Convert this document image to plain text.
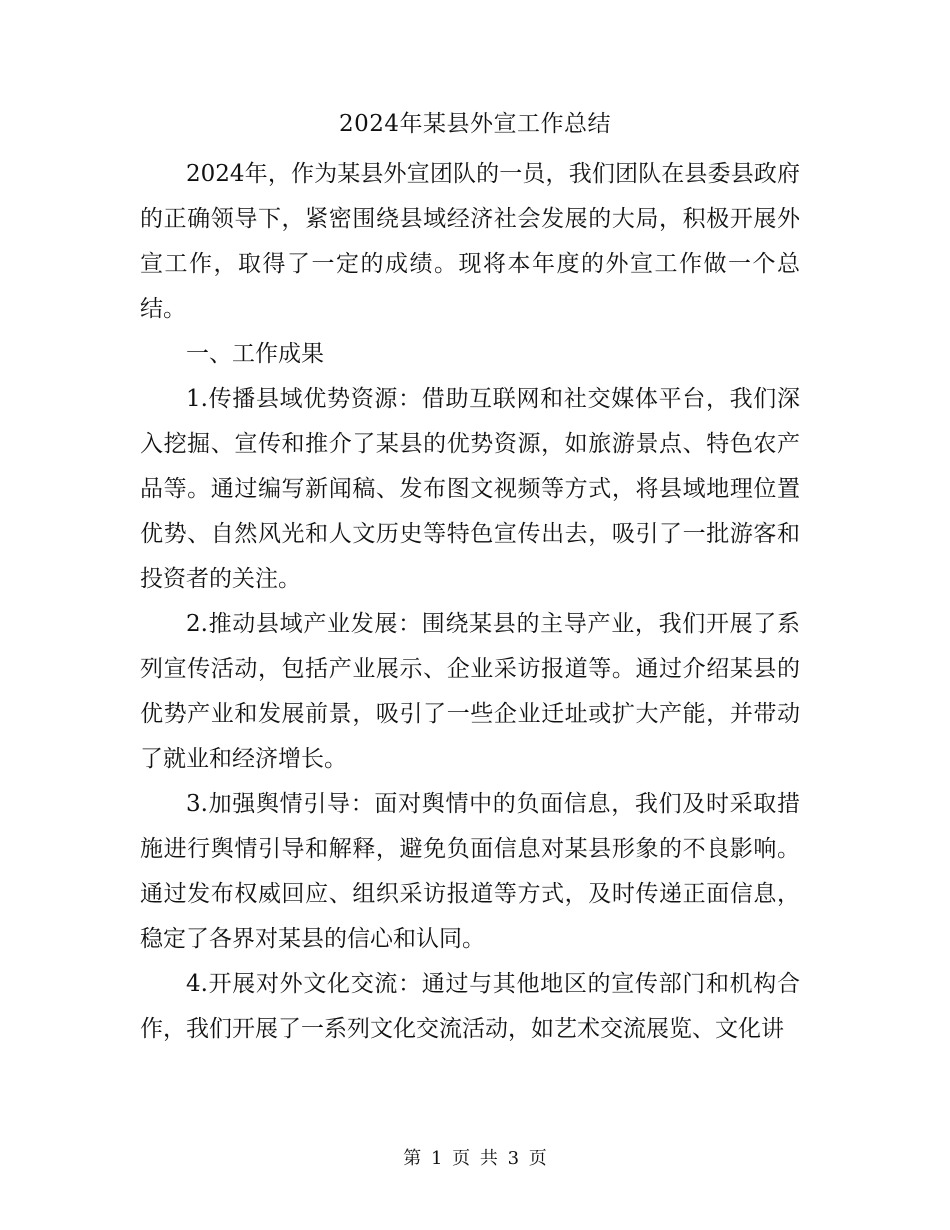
2024年某县外宣工作总结

2024年，作为某县外宣团队的一员，我们团队在县委县政府的正确领导下，紧密围绕县域经济社会发展的大局，积极开展外宣工作，取得了一定的成绩。现将本年度的外宣工作做一个总结。

一、工作成果

1.传播县域优势资源：借助互联网和社交媒体平台，我们深入挖掘、宣传和推介了某县的优势资源，如旅游景点、特色农产品等。通过编写新闻稿、发布图文视频等方式，将县域地理位置优势、自然风光和人文历史等特色宣传出去，吸引了一批游客和投资者的关注。

2.推动县域产业发展：围绕某县的主导产业，我们开展了系列宣传活动，包括产业展示、企业采访报道等。通过介绍某县的优势产业和发展前景，吸引了一些企业迁址或扩大产能，并带动了就业和经济增长。

3.加强舆情引导：面对舆情中的负面信息，我们及时采取措施进行舆情引导和解释，避免负面信息对某县形象的不良影响。通过发布权威回应、组织采访报道等方式，及时传递正面信息，稳定了各界对某县的信心和认同。

4.开展对外文化交流：通过与其他地区的宣传部门和机构合作，我们开展了一系列文化交流活动，如艺术交流展览、文化讲

第 1 页 共 3 页
